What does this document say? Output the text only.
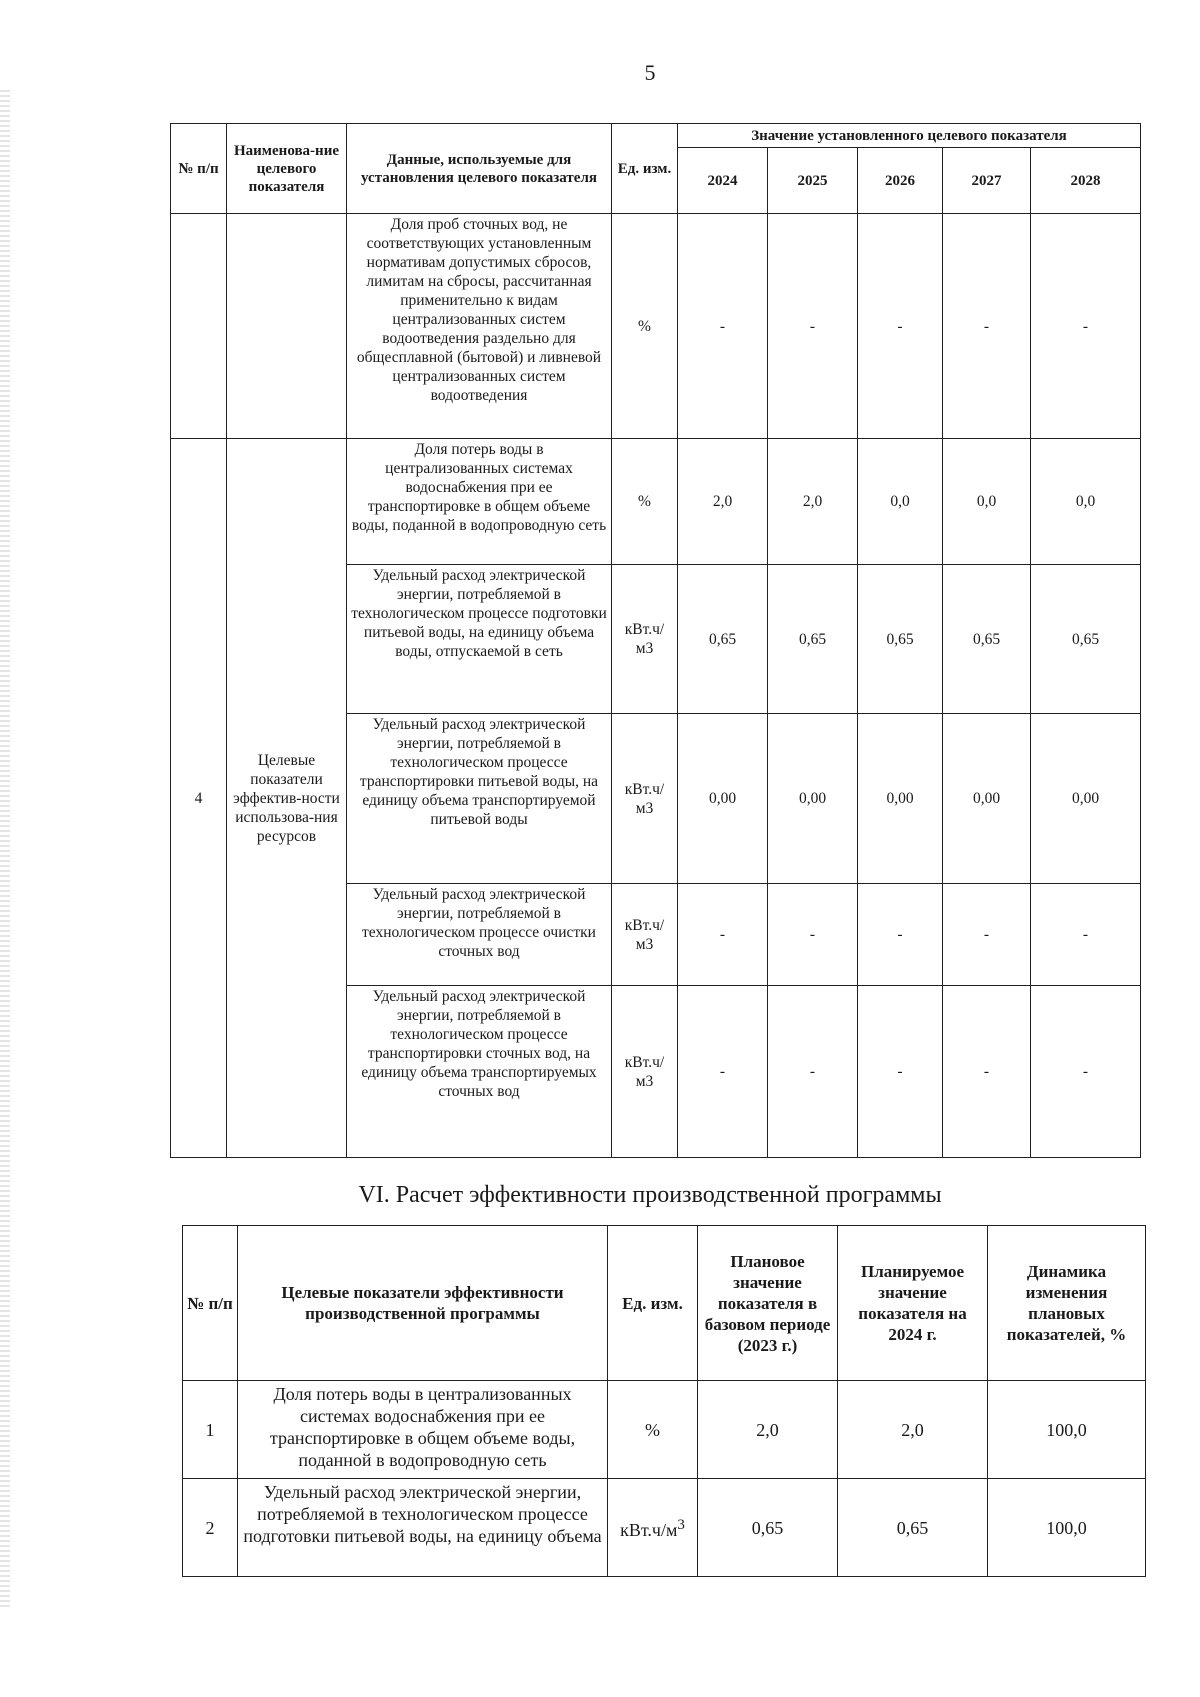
5
№ п/п	Наименова-ние целевого показателя	Данные, используемые для установления целевого показателя	Ед. изм.	Значение установленного целевого показателя				
				2024	2025	2026	2027	2028
		Доля проб сточных вод, не соответствующих установленным нормативам допустимых сбросов, лимитам на сбросы, рассчитанная применительно к видам централизованных систем водоотведения раздельно для общесплавной (бытовой) и ливневой централизованных систем водоотведения	%	-	-	-	-	-
4	Целевые показатели эффектив-ности использова-ния ресурсов	Доля потерь воды в централизованных системах водоснабжения при ее транспортировке в общем объеме воды, поданной в водопроводную сеть	%	2,0	2,0	0,0	0,0	0,0
		Удельный расход электрической энергии, потребляемой в технологическом процессе подготовки питьевой воды, на единицу объема воды, отпускаемой в сеть	кВт.ч/ м3	0,65	0,65	0,65	0,65	0,65
		Удельный расход электрической энергии, потребляемой в технологическом процессе транспортировки питьевой воды, на единицу объема транспортируемой питьевой воды	кВт.ч/ м3	0,00	0,00	0,00	0,00	0,00
		Удельный расход электрической энергии, потребляемой в технологическом процессе очистки сточных вод	кВт.ч/ м3	-	-	-	-	-
		Удельный расход электрической энергии, потребляемой в технологическом процессе транспортировки сточных вод, на единицу объема транспортируемых сточных вод	кВт.ч/ м3	-	-	-	-	-
VI. Расчет эффективности производственной программы
№ п/п	Целевые показатели эффективности производственной программы	Ед. изм.	Плановое значение показателя в базовом периоде (2023 г.)	Планируемое значение показателя на 2024 г.	Динамика изменения плановых показателей, %
1	Доля потерь воды в централизованных системах водоснабжения при ее транспортировке в общем объеме воды, поданной в водопроводную сеть	%	2,0	2,0	100,0
2	Удельный расход электрической энергии, потребляемой в технологическом процессе подготовки питьевой воды, на единицу объема	$кВт.ч/м^3$	0,65	0,65	100,0
